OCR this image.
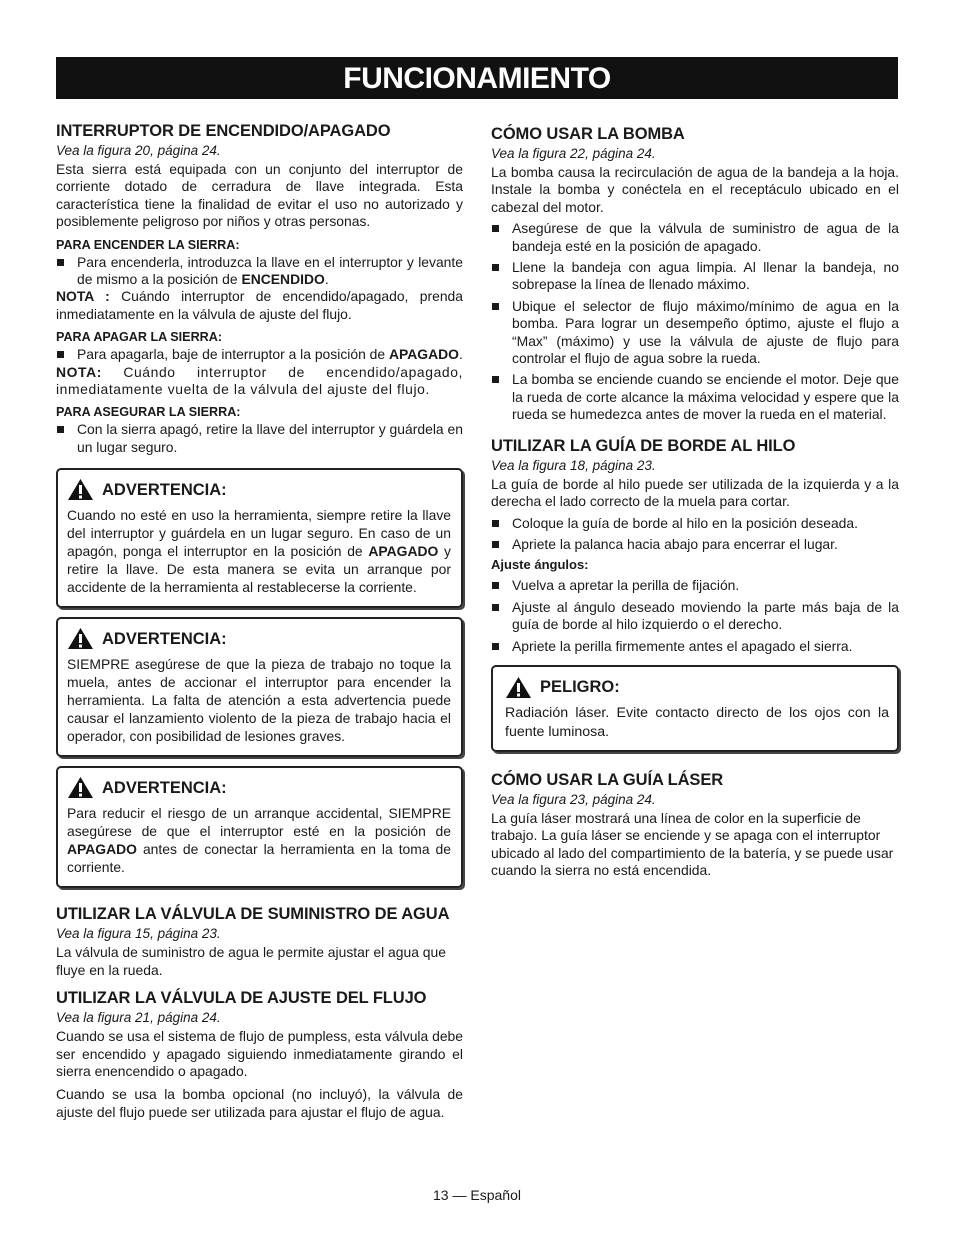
FUNCIONAMIENTO
INTERRUPTOR DE ENCENDIDO/APAGADO
Vea la figura 20, página 24.

Esta sierra está equipada con un conjunto del interruptor de corriente dotado de cerradura de llave integrada. Esta característica tiene la finalidad de evitar el uso no autorizado y posiblemente peligroso por niños y otras personas.

PARA ENCENDER LA SIERRA:
Para encenderla, introduzca la llave en el interruptor y levante de mismo a la posición de ENCENDIDO.

NOTA : Cuándo interruptor de encendido/apagado, prenda inmediatamente en la válvula de ajuste del flujo.

PARA APAGAR LA SIERRA:
Para apagarla, baje de interruptor a la posición de APAGADO.

NOTA: Cuándo interruptor de encendido/apagado, inmediatamente vuelta de la válvula del ajuste del flujo.

PARA ASEGURAR LA SIERRA:
Con la sierra apagó, retire la llave del interruptor y guárdela en un lugar seguro.
ADVERTENCIA:

Cuando no esté en uso la herramienta, siempre retire la llave del interruptor y guárdela en un lugar seguro. En caso de un apagón, ponga el interruptor en la posición de APAGADO y retire la llave. De esta manera se evita un arranque por accidente de la herramienta al restablecerse la corriente.

ADVERTENCIA:

SIEMPRE asegúrese de que la pieza de trabajo no toque la muela, antes de accionar el interruptor para encender la herramienta. La falta de atención a esta advertencia puede causar el lanzamiento violento de la pieza de trabajo hacia el operador, con posibilidad de lesiones graves.

ADVERTENCIA:

Para reducir el riesgo de un arranque accidental, SIEMPRE asegúrese de que el interruptor esté en la posición de APAGADO antes de conectar la herramienta en la toma de corriente.

UTILIZAR LA VÁLVULA DE SUMINISTRO DE AGUA
Vea la figura 15, página 23.

La válvula de suministro de agua le permite ajustar el agua que fluye en la rueda.

UTILIZAR LA VÁLVULA DE AJUSTE DEL FLUJO
Vea la figura 21, página 24.

Cuando se usa el sistema de flujo de pumpless, esta válvula debe ser encendido y apagado siguiendo inmediatamente girando el sierra enencendido o apagado.

Cuando se usa la bomba opcional (no incluyó), la válvula de ajuste del flujo puede ser utilizada para ajustar el flujo de agua.

CÓMO USAR LA BOMBA
Vea la figura 22, página 24.

La bomba causa la recirculación de agua de la bandeja a la hoja. Instale la bomba y conéctela en el receptáculo ubicado en el cabezal del motor.

Asegúrese de que la válvula de suministro de agua de la bandeja esté en la posición de apagado.
Llene la bandeja con agua limpia. Al llenar la bandeja, no sobrepase la línea de llenado máximo.
Ubique el selector de flujo máximo/mínimo de agua en la bomba. Para lograr un desempeño óptimo, ajuste el flujo a “Max” (máximo) y use la válvula de ajuste de flujo para controlar el flujo de agua sobre la rueda.
La bomba se enciende cuando se enciende el motor. Deje que la rueda de corte alcance la máxima velocidad y espere que la rueda se humedezca antes de mover la rueda en el material.
UTILIZAR LA GUÍA DE BORDE AL HILO
Vea la figura 18, página 23.

La guía de borde al hilo puede ser utilizada de la izquierda y a la derecha el lado correcto de la muela para cortar.

Coloque la guía de borde al hilo en la posición deseada.
Apriete la palanca hacia abajo para encerrar el lugar.
Ajuste ángulos:
Vuelva a apretar la perilla de fijación.
Ajuste al ángulo deseado moviendo la parte más baja de la guía de borde al hilo izquierdo o el derecho.
Apriete la perilla firmemente antes el apagado el sierra.
PELIGRO:

Radiación láser. Evite contacto directo de los ojos con la fuente luminosa.

CÓMO USAR LA GUÍA LÁSER
Vea la figura 23, página 24.

La guía láser mostrará una línea de color en la superficie de trabajo. La guía láser se enciende y se apaga con el interruptor ubicado al lado del compartimiento de la batería, y se puede usar cuando la sierra no está encendida.

13 — Español
